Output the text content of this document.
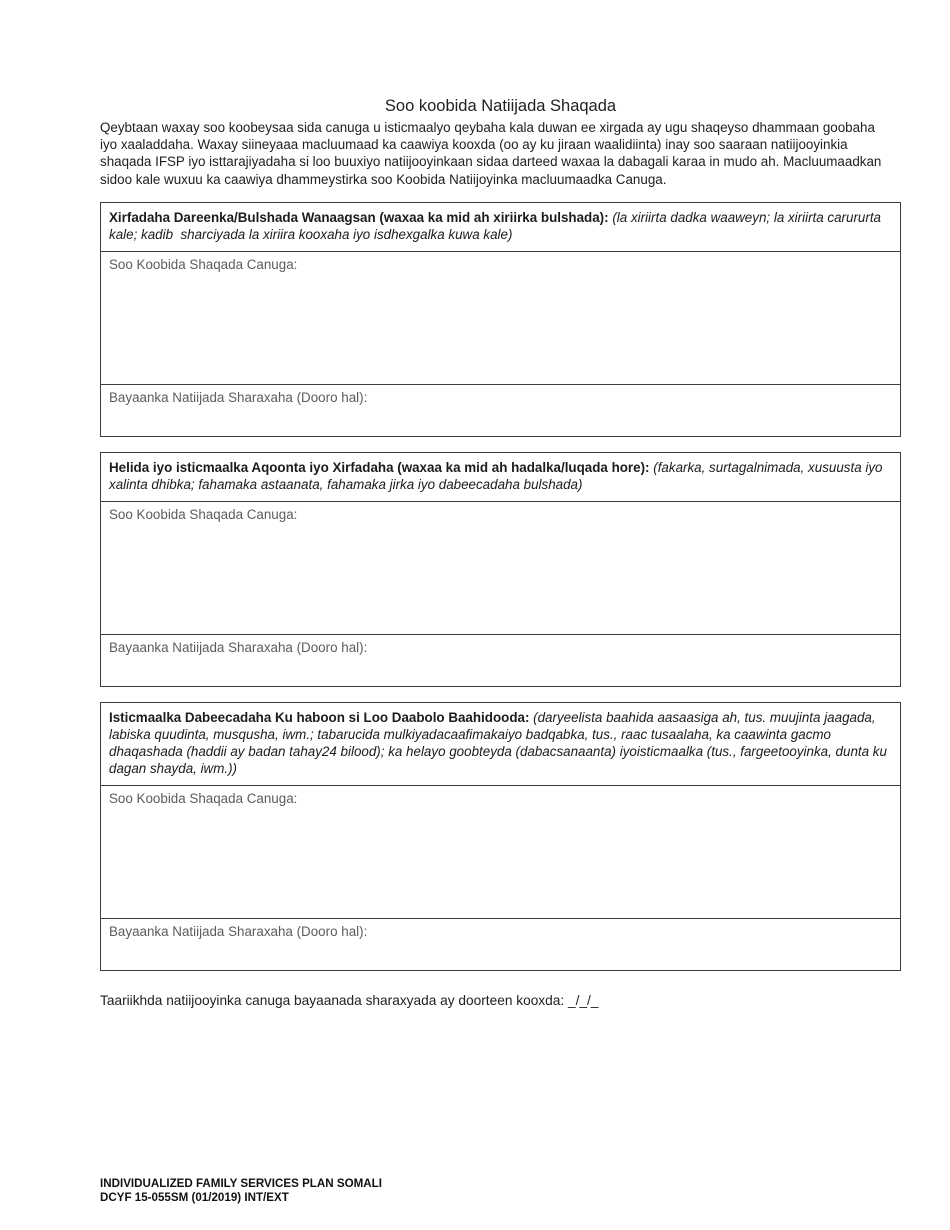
Soo koobida Natiijada Shaqada

Qeybtaan waxay soo koobeysaa sida canuga u isticmaalyo qeybaha kala duwan ee xirgada ay ugu shaqeyso dhammaan goobaha iyo xaaladdaha. Waxay siineyaaa macluumaad ka caawiya kooxda (oo ay ku jiraan waalidiinta) inay soo saaraan natiijooyinkia shaqada IFSP iyo isttarajiyadaha si loo buuxiyo natiijooyinkaan sidaa darteed waxaa la dabagali karaa in mudo ah. Macluumaadkan sidoo kale wuxuu ka caawiya dhammeystirka soo Koobida Natiijoyinka macluumaadka Canuga.

Xirfadaha Dareenka/Bulshada Wanaagsan (waxaa ka mid ah xiriirka bulshada): (la xiriirta dadka waaweyn; la xiriirta carururta kale; kadib  sharciyada la xiriira kooxaha iyo isdhexgalka kuwa kale)
Soo Koobida Shaqada Canuga:
Bayaanka Natiijada Sharaxaha (Dooro hal):
Helida iyo isticmaalka Aqoonta iyo Xirfadaha (waxaa ka mid ah hadalka/luqada hore): (fakarka, surtagalnimada, xusuusta iyo xalinta dhibka; fahamaka astaanata, fahamaka jirka iyo dabeecadaha bulshada)
Soo Koobida Shaqada Canuga:
Bayaanka Natiijada Sharaxaha (Dooro hal):
Isticmaalka Dabeecadaha Ku haboon si Loo Daabolo Baahidooda: (daryeelista baahida aasaasiga ah, tus. muujinta jaagada, labiska quudinta, musqusha, iwm.; tabarucida mulkiyadacaafimakaiyo badqabka, tus., raac tusaalaha, ka caawinta gacmo dhaqashada (haddii ay badan tahay24 bilood); ka helayo goobteyda (dabacsanaanta) iyoisticmaalka (tus., fargeetooyinka, dunta ku dagan shayda, iwm.))
Soo Koobida Shaqada Canuga:
Bayaanka Natiijada Sharaxaha (Dooro hal):

Taariikhda natiijooyinka canuga bayaanada sharaxyada ay doorteen kooxda: _/_/_

INDIVIDUALIZED FAMILY SERVICES PLAN SOMALI
DCYF 15-055SM (01/2019) INT/EXT
